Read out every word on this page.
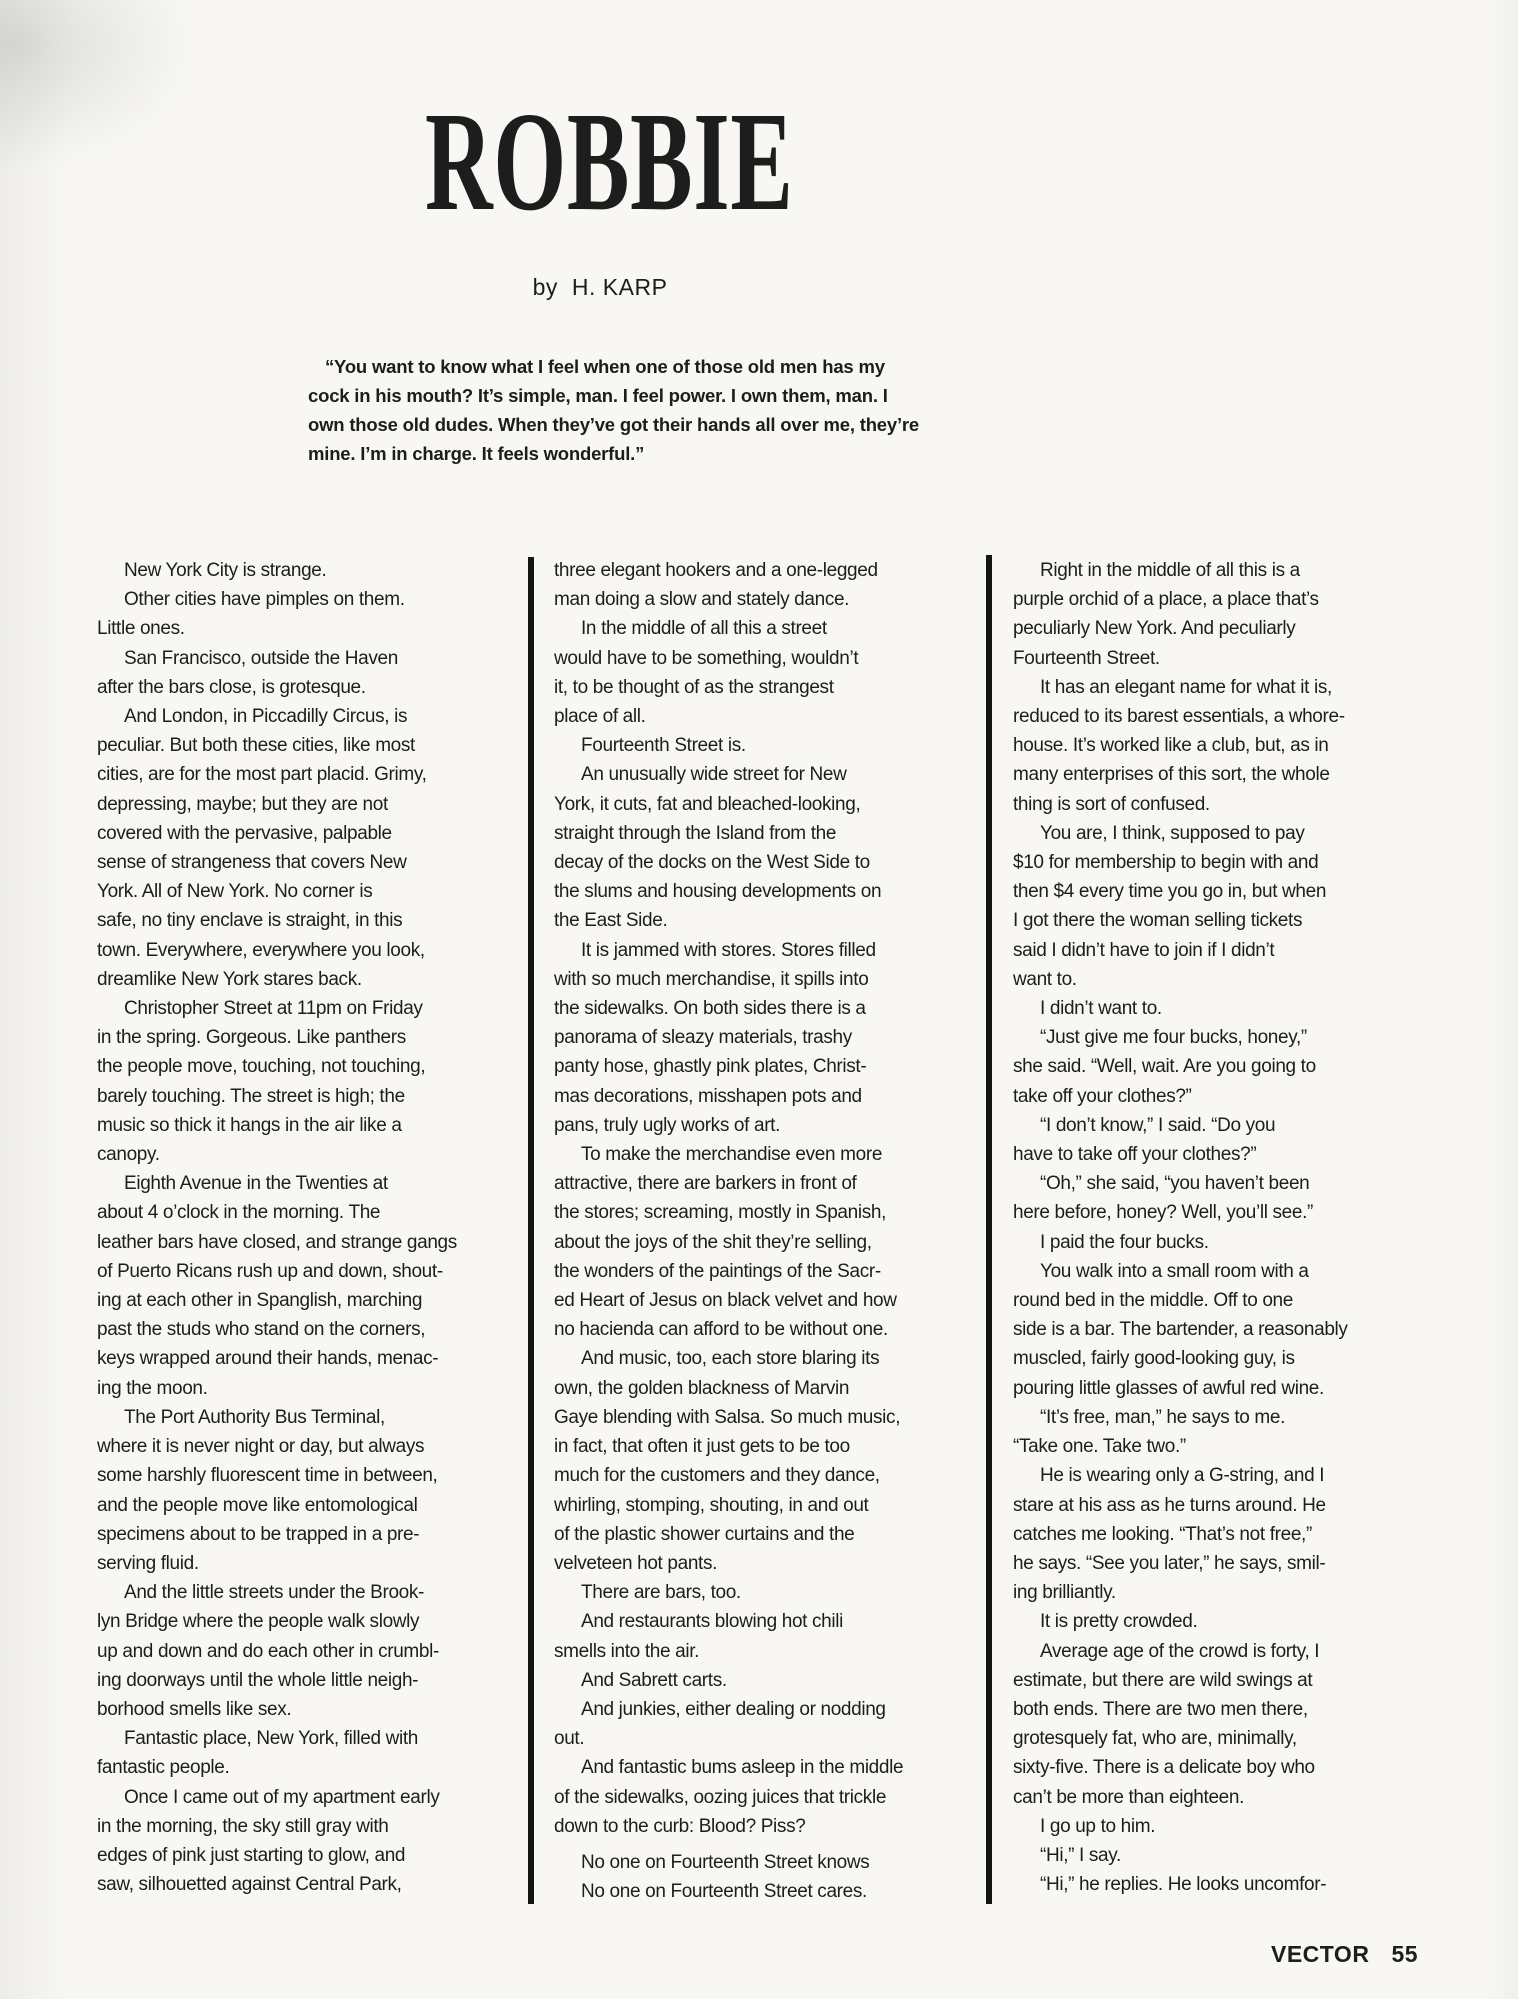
ROBBIE
by H. KARP
“You want to know what I feel when one of those old men has my
cock in his mouth? It’s simple, man. I feel power. I own them, man. I
own those old dudes. When they’ve got their hands all over me, they’re
mine. I’m in charge. It feels wonderful.”
New York City is strange.
Other cities have pimples on them.
Little ones.
San Francisco, outside the Haven
after the bars close, is grotesque.
And London, in Piccadilly Circus, is
peculiar. But both these cities, like most
cities, are for the most part placid. Grimy,
depressing, maybe; but they are not
covered with the pervasive, palpable
sense of strangeness that covers New
York. All of New York. No corner is
safe, no tiny enclave is straight, in this
town. Everywhere, everywhere you look,
dreamlike New York stares back.
Christopher Street at 11pm on Friday
in the spring. Gorgeous. Like panthers
the people move, touching, not touching,
barely touching. The street is high; the
music so thick it hangs in the air like a
canopy.
Eighth Avenue in the Twenties at
about 4 o’clock in the morning. The
leather bars have closed, and strange gangs
of Puerto Ricans rush up and down, shout-
ing at each other in Spanglish, marching
past the studs who stand on the corners,
keys wrapped around their hands, menac-
ing the moon.
The Port Authority Bus Terminal,
where it is never night or day, but always
some harshly fluorescent time in between,
and the people move like entomological
specimens about to be trapped in a pre-
serving fluid.
And the little streets under the Brook-
lyn Bridge where the people walk slowly
up and down and do each other in crumbl-
ing doorways until the whole little neigh-
borhood smells like sex.
Fantastic place, New York, filled with
fantastic people.
Once I came out of my apartment early
in the morning, the sky still gray with
edges of pink just starting to glow, and
saw, silhouetted against Central Park,
three elegant hookers and a one-legged
man doing a slow and stately dance.
In the middle of all this a street
would have to be something, wouldn’t
it, to be thought of as the strangest
place of all.
Fourteenth Street is.
An unusually wide street for New
York, it cuts, fat and bleached-looking,
straight through the Island from the
decay of the docks on the West Side to
the slums and housing developments on
the East Side.
It is jammed with stores. Stores filled
with so much merchandise, it spills into
the sidewalks. On both sides there is a
panorama of sleazy materials, trashy
panty hose, ghastly pink plates, Christ-
mas decorations, misshapen pots and
pans, truly ugly works of art.
To make the merchandise even more
attractive, there are barkers in front of
the stores; screaming, mostly in Spanish,
about the joys of the shit they’re selling,
the wonders of the paintings of the Sacr-
ed Heart of Jesus on black velvet and how
no hacienda can afford to be without one.
And music, too, each store blaring its
own, the golden blackness of Marvin
Gaye blending with Salsa. So much music,
in fact, that often it just gets to be too
much for the customers and they dance,
whirling, stomping, shouting, in and out
of the plastic shower curtains and the
velveteen hot pants.
There are bars, too.
And restaurants blowing hot chili
smells into the air.
And Sabrett carts.
And junkies, either dealing or nodding
out.
And fantastic bums asleep in the middle
of the sidewalks, oozing juices that trickle
down to the curb: Blood? Piss?
No one on Fourteenth Street knows
No one on Fourteenth Street cares.
Right in the middle of all this is a
purple orchid of a place, a place that’s
peculiarly New York. And peculiarly
Fourteenth Street.
It has an elegant name for what it is,
reduced to its barest essentials, a whore-
house. It’s worked like a club, but, as in
many enterprises of this sort, the whole
thing is sort of confused.
You are, I think, supposed to pay
$10 for membership to begin with and
then $4 every time you go in, but when
I got there the woman selling tickets
said I didn’t have to join if I didn’t
want to.
I didn’t want to.
“Just give me four bucks, honey,”
she said. “Well, wait. Are you going to
take off your clothes?”
“I don’t know,” I said. “Do you
have to take off your clothes?”
“Oh,” she said, “you haven’t been
here before, honey? Well, you’ll see.”
I paid the four bucks.
You walk into a small room with a
round bed in the middle. Off to one
side is a bar. The bartender, a reasonably
muscled, fairly good-looking guy, is
pouring little glasses of awful red wine.
“It’s free, man,” he says to me.
“Take one. Take two.”
He is wearing only a G-string, and I
stare at his ass as he turns around. He
catches me looking. “That’s not free,”
he says. “See you later,” he says, smil-
ing brilliantly.
It is pretty crowded.
Average age of the crowd is forty, I
estimate, but there are wild swings at
both ends. There are two men there,
grotesquely fat, who are, minimally,
sixty-five. There is a delicate boy who
can’t be more than eighteen.
I go up to him.
“Hi,” I say.
“Hi,” he replies. He looks uncomfor-
VECTOR 55
